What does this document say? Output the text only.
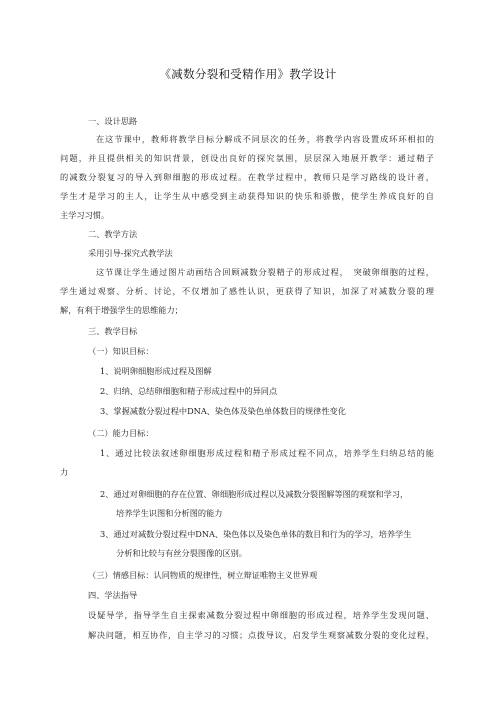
《减数分裂和受精作用》教学设计
一、设计思路
在这节课中，教师将教学目标分解成不同层次的任务，将教学内容设置成环环相扣的
问题，并且提供相关的知识背景，创设出良好的探究氛围，层层深入地展开教学：通过精子
的减数分裂复习的导入到卵细胞的形成过程。在教学过程中，教师只是学习路线的设计者，
学生才是学习的主人，让学生从中感受到主动获得知识的快乐和骄傲，使学生养成良好的自
主学习习惯。
二、教学方法
采用引导-探究式教学法
这节课让学生通过图片动画结合回顾减数分裂精子的形成过程，　突破卵细胞的过程，
学生通过观察、分析、讨论，不仅增加了感性认识，更获得了知识，加深了对减数分裂的理
解，有利于增强学生的思维能力；
三、教学目标
（一）知识目标：
1、说明卵细胞形成过程及图解
2、归纳、总结卵细胞和精子形成过程中的异同点
3、掌握减数分裂过程中DNA、染色体及染色单体数目的规律性变化
（二）能力目标：
1、通过比较法叙述卵细胞形成过程和精子形成过程不同点，培养学生归纳总结的能
力
2、通过对卵细胞的存在位置、卵细胞形成过程以及减数分裂图解等图的观察和学习，
培养学生识图和分析图的能力
3、通过对减数分裂过程中DNA、染色体以及染色单体的数目和行为的学习，培养学生
分析和比较与有丝分裂图像的区别。
（三）情感目标：认同物质的规律性，树立辩证唯物主义世界观
四、学法指导
设疑导学，指导学生自主探索减数分裂过程中卵细胞的形成过程，培养学生发现问题、
解决问题，相互协作，自主学习的习惯；点拨导议，启发学生观察减数分裂的变化过程，
